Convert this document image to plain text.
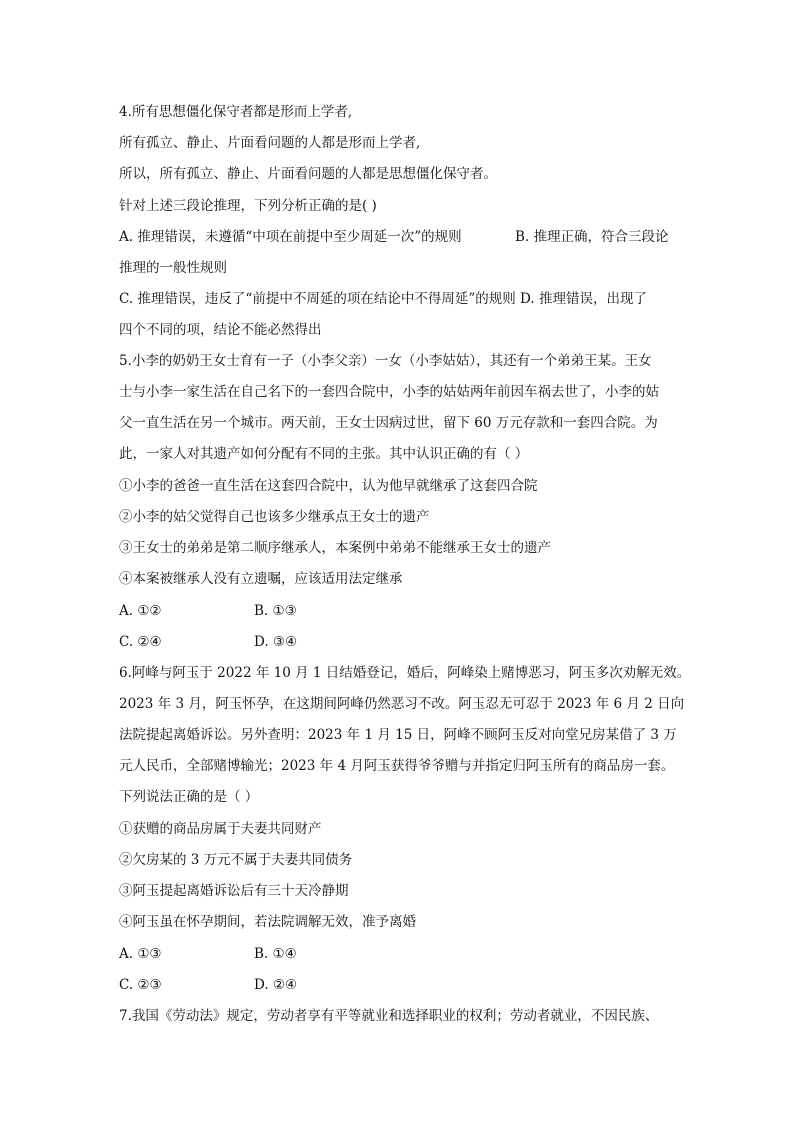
4.所有思想僵化保守者都是形而上学者,
所有孤立、静止、片面看问题的人都是形而上学者,
所以，所有孤立、静止、片面看问题的人都是思想僵化保守者。
针对上述三段论推理，下列分析正确的是( )
A. 推理错误，未遵循“中项在前提中至少周延一次”的规则	B. 推理正确，符合三段论
推理的一般性规则
C. 推理错误，违反了“前提中不周延的项在结论中不得周延”的规则 D. 推理错误，出现了
四个不同的项，结论不能必然得出
5.小李的奶奶王女士育有一子（小李父亲）一女（小李姑姑），其还有一个弟弟王某。王女
士与小李一家生活在自己名下的一套四合院中，小李的姑姑两年前因车祸去世了，小李的姑
父一直生活在另一个城市。两天前，王女士因病过世，留下 60 万元存款和一套四合院。为
此，一家人对其遗产如何分配有不同的主张。其中认识正确的有（ ）
①小李的爸爸一直生活在这套四合院中，认为他早就继承了这套四合院
②小李的姑父觉得自己也该多少继承点王女士的遗产
③王女士的弟弟是第二顺序继承人，本案例中弟弟不能继承王女士的遗产
④本案被继承人没有立遗嘱，应该适用法定继承
A. ①②	B. ①③
C. ②④	D. ③④
6.阿峰与阿玉于 2022 年 10 月 1 日结婚登记，婚后，阿峰染上赌博恶习，阿玉多次劝解无效。
2023 年 3 月，阿玉怀孕，在这期间阿峰仍然恶习不改。阿玉忍无可忍于 2023 年 6 月 2 日向
法院提起离婚诉讼。另外查明：2023 年 1 月 15 日，阿峰不顾阿玉反对向堂兄房某借了 3 万
元人民币，全部赌博输光；2023 年 4 月阿玉获得爷爷赠与并指定归阿玉所有的商品房一套。
下列说法正确的是（ ）
①获赠的商品房属于夫妻共同财产
②欠房某的 3 万元不属于夫妻共同债务
③阿玉提起离婚诉讼后有三十天冷静期
④阿玉虽在怀孕期间，若法院调解无效，准予离婚
A. ①③	B. ①④
C. ②③	D. ②④
7.我国《劳动法》规定，劳动者享有平等就业和选择职业的权利；劳动者就业，不因民族、
